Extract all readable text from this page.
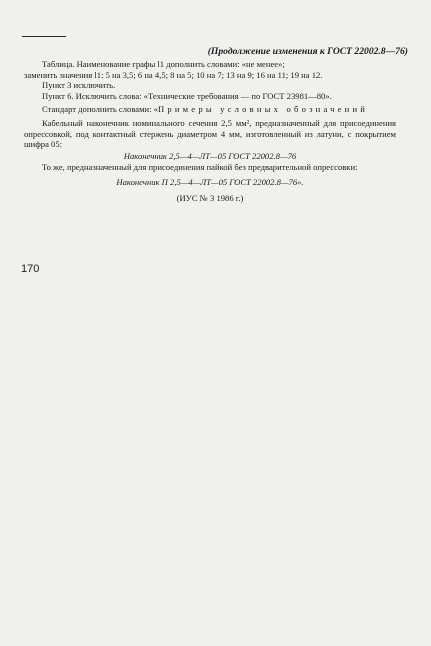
(Продолжение изменения к ГОСТ 22002.8—76)

Таблица. Наименование графы l1 дополнить словами: «не менее»;

заменить значения l1: 5 на 3,5; 6 на 4,5; 8 на 5; 10 на 7; 13 на 9; 16 на 11; 19 на 12.

Пункт 3 исключить.

Пункт 6. Исключить слова: «Технические требования — по ГОСТ 23981—80».

Стандарт дополнить словами: «Примеры условных обозначений

Кабельный наконечник номинального сечения 2,5 мм², предназначенный для присоединения опрессовкой, под контактный стержень диаметром 4 мм, изготовленный из латуни, с покрытием шифра 05:

Наконечник 2,5—4—ЛТ—05 ГОСТ 22002.8—76

То же, предназначенный для присоединения пайкой без предварительной опрессовки:

Наконечник П 2,5—4—ЛТ—05 ГОСТ 22002.8—76».

(ИУС № 3 1986 г.)

170
